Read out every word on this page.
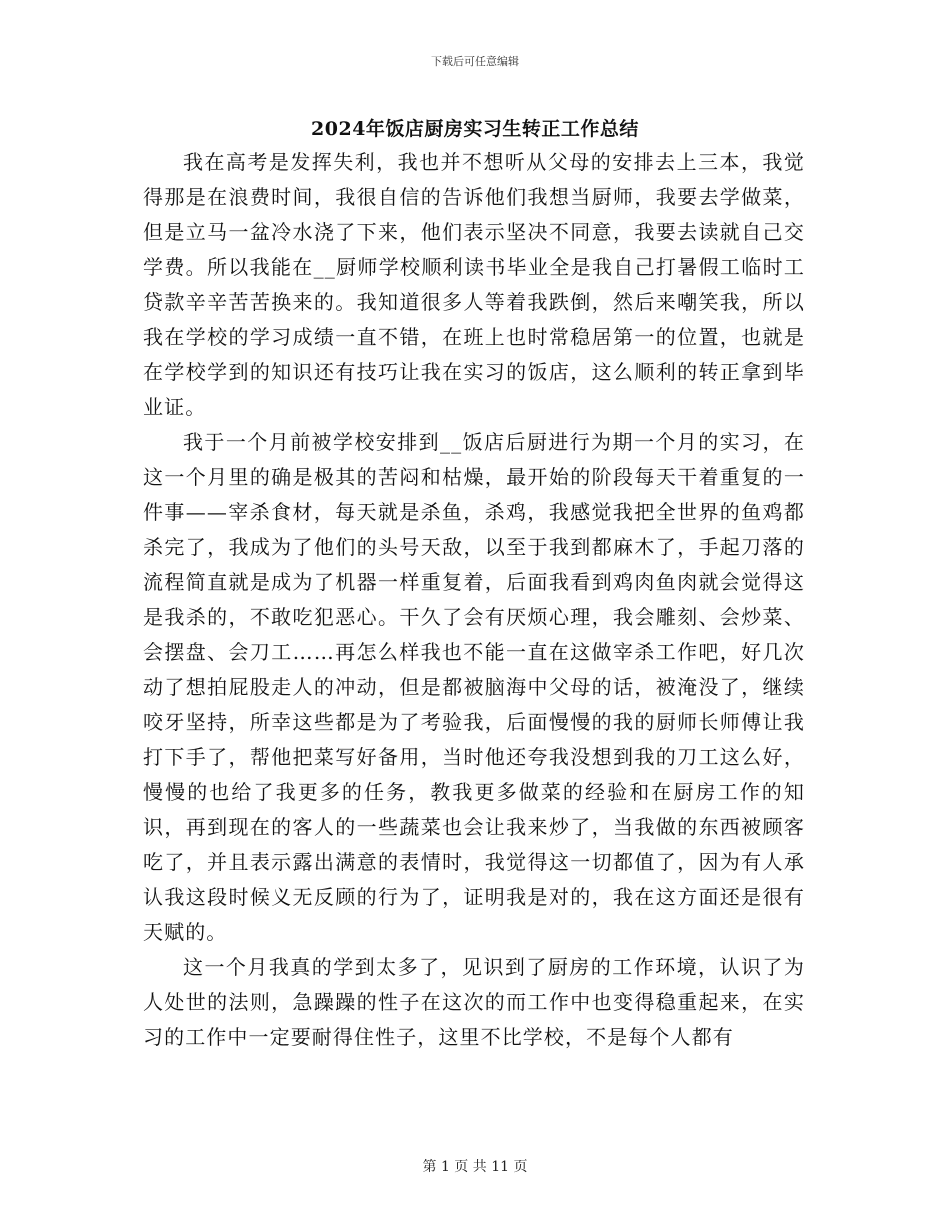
下载后可任意编辑
2024年饭店厨房实习生转正工作总结

我在高考是发挥失利，我也并不想听从父母的安排去上三本，我觉得那是在浪费时间，我很自信的告诉他们我想当厨师，我要去学做菜，但是立马一盆冷水浇了下来，他们表示坚决不同意，我要去读就自己交学费。所以我能在__厨师学校顺利读书毕业全是我自己打暑假工临时工贷款辛辛苦苦换来的。我知道很多人等着我跌倒，然后来嘲笑我，所以我在学校的学习成绩一直不错，在班上也时常稳居第一的位置，也就是在学校学到的知识还有技巧让我在实习的饭店，这么顺利的转正拿到毕业证。

我于一个月前被学校安排到__饭店后厨进行为期一个月的实习，在这一个月里的确是极其的苦闷和枯燥，最开始的阶段每天干着重复的一件事——宰杀食材，每天就是杀鱼，杀鸡，我感觉我把全世界的鱼鸡都杀完了，我成为了他们的头号天敌，以至于我到都麻木了，手起刀落的流程简直就是成为了机器一样重复着，后面我看到鸡肉鱼肉就会觉得这是我杀的，不敢吃犯恶心。干久了会有厌烦心理，我会雕刻、会炒菜、会摆盘、会刀工……再怎么样我也不能一直在这做宰杀工作吧，好几次动了想拍屁股走人的冲动，但是都被脑海中父母的话，被淹没了，继续咬牙坚持，所幸这些都是为了考验我，后面慢慢的我的厨师长师傅让我打下手了，帮他把菜写好备用，当时他还夸我没想到我的刀工这么好，慢慢的也给了我更多的任务，教我更多做菜的经验和在厨房工作的知识，再到现在的客人的一些蔬菜也会让我来炒了，当我做的东西被顾客吃了，并且表示露出满意的表情时，我觉得这一切都值了，因为有人承认我这段时候义无反顾的行为了，证明我是对的，我在这方面还是很有天赋的。

这一个月我真的学到太多了，见识到了厨房的工作环境，认识了为人处世的法则，急躁躁的性子在这次的而工作中也变得稳重起来，在实习的工作中一定要耐得住性子，这里不比学校，不是每个人都有

第 1 页 共 11 页
